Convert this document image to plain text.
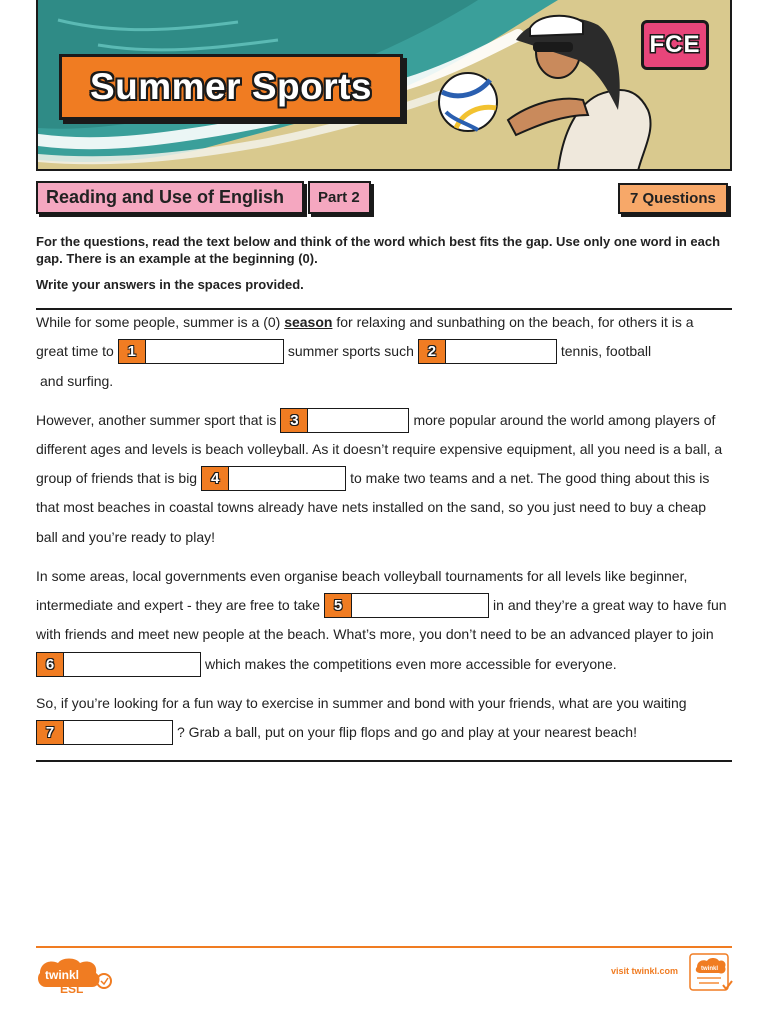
Summer Sports
FCE
Reading and Use of English	Part 2	7 Questions
For the questions, read the text below and think of the word which best fits the gap. Use only one word in each gap. There is an example at the beginning (0).
Write your answers in the spaces provided.
While for some people, summer is a (0)
season
for relaxing and sunbathing on the beach, for others it is a
great time to 1	summer sports such 2	tennis, football
and surfing.
However, another summer sport that is 3	more popular around the world among players of
different ages and levels is beach volleyball. As it doesn’t require expensive equipment, all you need is a ball, a
group of friends that is big 4	to make two teams and a net. The good thing about this is
that most beaches in coastal towns already have nets installed on the sand, so you just need to buy a cheap
ball and you’re ready to play!
In some areas, local governments even organise beach volleyball tournaments for all levels like beginner,
intermediate and expert - they are free to take 5	in and they’re a great way to have fun
with friends and meet new people at the beach. What’s more, you don’t need to be an advanced player to join
6	which makes the competitions even more accessible for everyone.
So, if you’re looking for a fun way to exercise in summer and bond with your friends, what are you waiting
7	? Grab a ball, put on your flip flops and go and play at your nearest beach!
twinkl
ESL
visit twinkl.com	twinkl
